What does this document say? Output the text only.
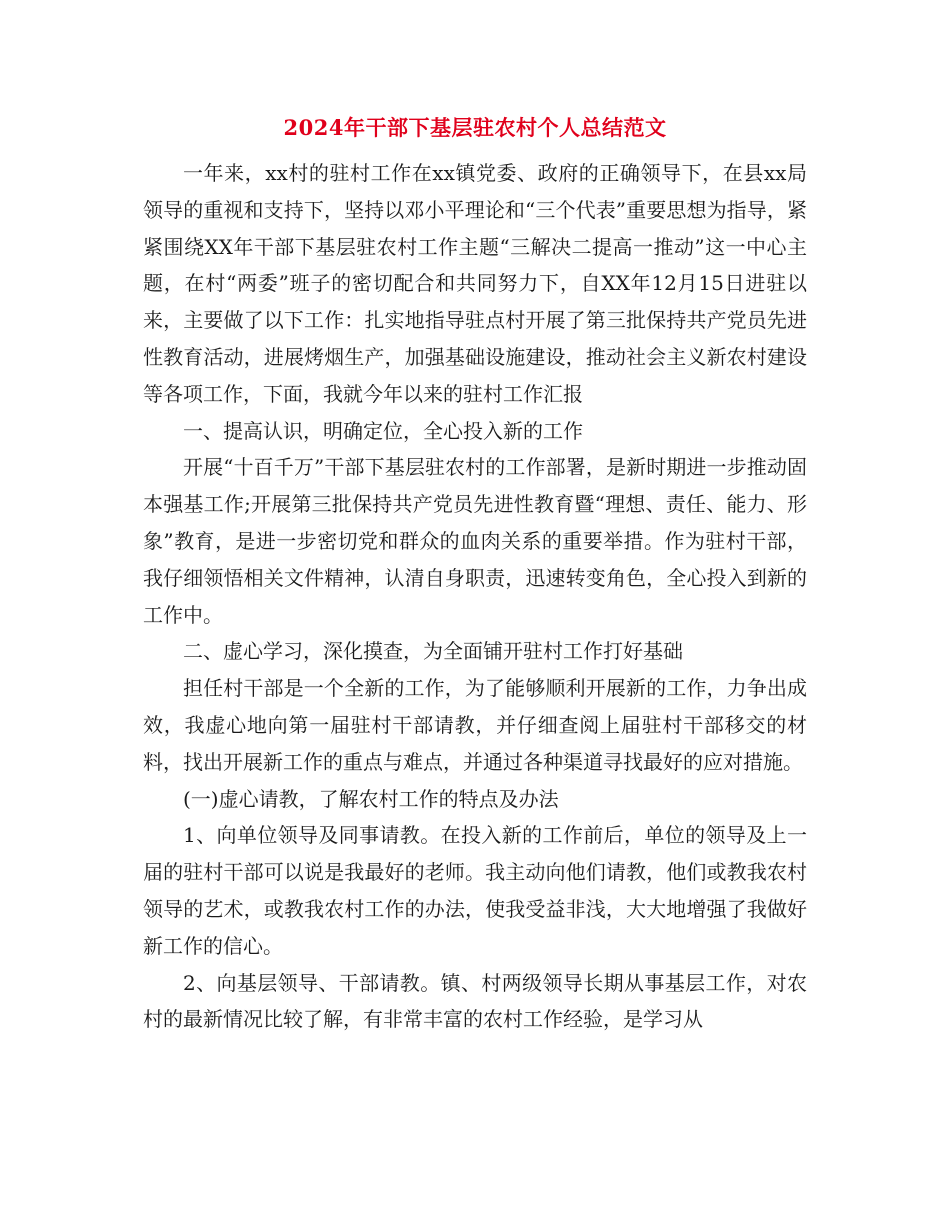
2024年干部下基层驻农村个人总结范文

一年来，xx村的驻村工作在xx镇党委、政府的正确领导下，在县xx局领导的重视和支持下，坚持以邓小平理论和“三个代表”重要思想为指导，紧紧围绕XX年干部下基层驻农村工作主题“三解决二提高一推动”这一中心主题，在村“两委”班子的密切配合和共同努力下，自XX年12月15日进驻以来，主要做了以下工作：扎实地指导驻点村开展了第三批保持共产党员先进性教育活动，进展烤烟生产，加强基础设施建设，推动社会主义新农村建设等各项工作，下面，我就今年以来的驻村工作汇报

一、提高认识，明确定位，全心投入新的工作

开展“十百千万”干部下基层驻农村的工作部署，是新时期进一步推动固本强基工作;开展第三批保持共产党员先进性教育暨“理想、责任、能力、形象”教育，是进一步密切党和群众的血肉关系的重要举措。作为驻村干部，我仔细领悟相关文件精神，认清自身职责，迅速转变角色，全心投入到新的工作中。

二、虚心学习，深化摸查，为全面铺开驻村工作打好基础

担任村干部是一个全新的工作，为了能够顺利开展新的工作，力争出成效，我虚心地向第一届驻村干部请教，并仔细查阅上届驻村干部移交的材料，找出开展新工作的重点与难点，并通过各种渠道寻找最好的应对措施。

(一)虚心请教，了解农村工作的特点及办法

1、向单位领导及同事请教。在投入新的工作前后，单位的领导及上一届的驻村干部可以说是我最好的老师。我主动向他们请教，他们或教我农村领导的艺术，或教我农村工作的办法，使我受益非浅，大大地增强了我做好新工作的信心。

2、向基层领导、干部请教。镇、村两级领导长期从事基层工作，对农村的最新情况比较了解，有非常丰富的农村工作经验，是学习从
